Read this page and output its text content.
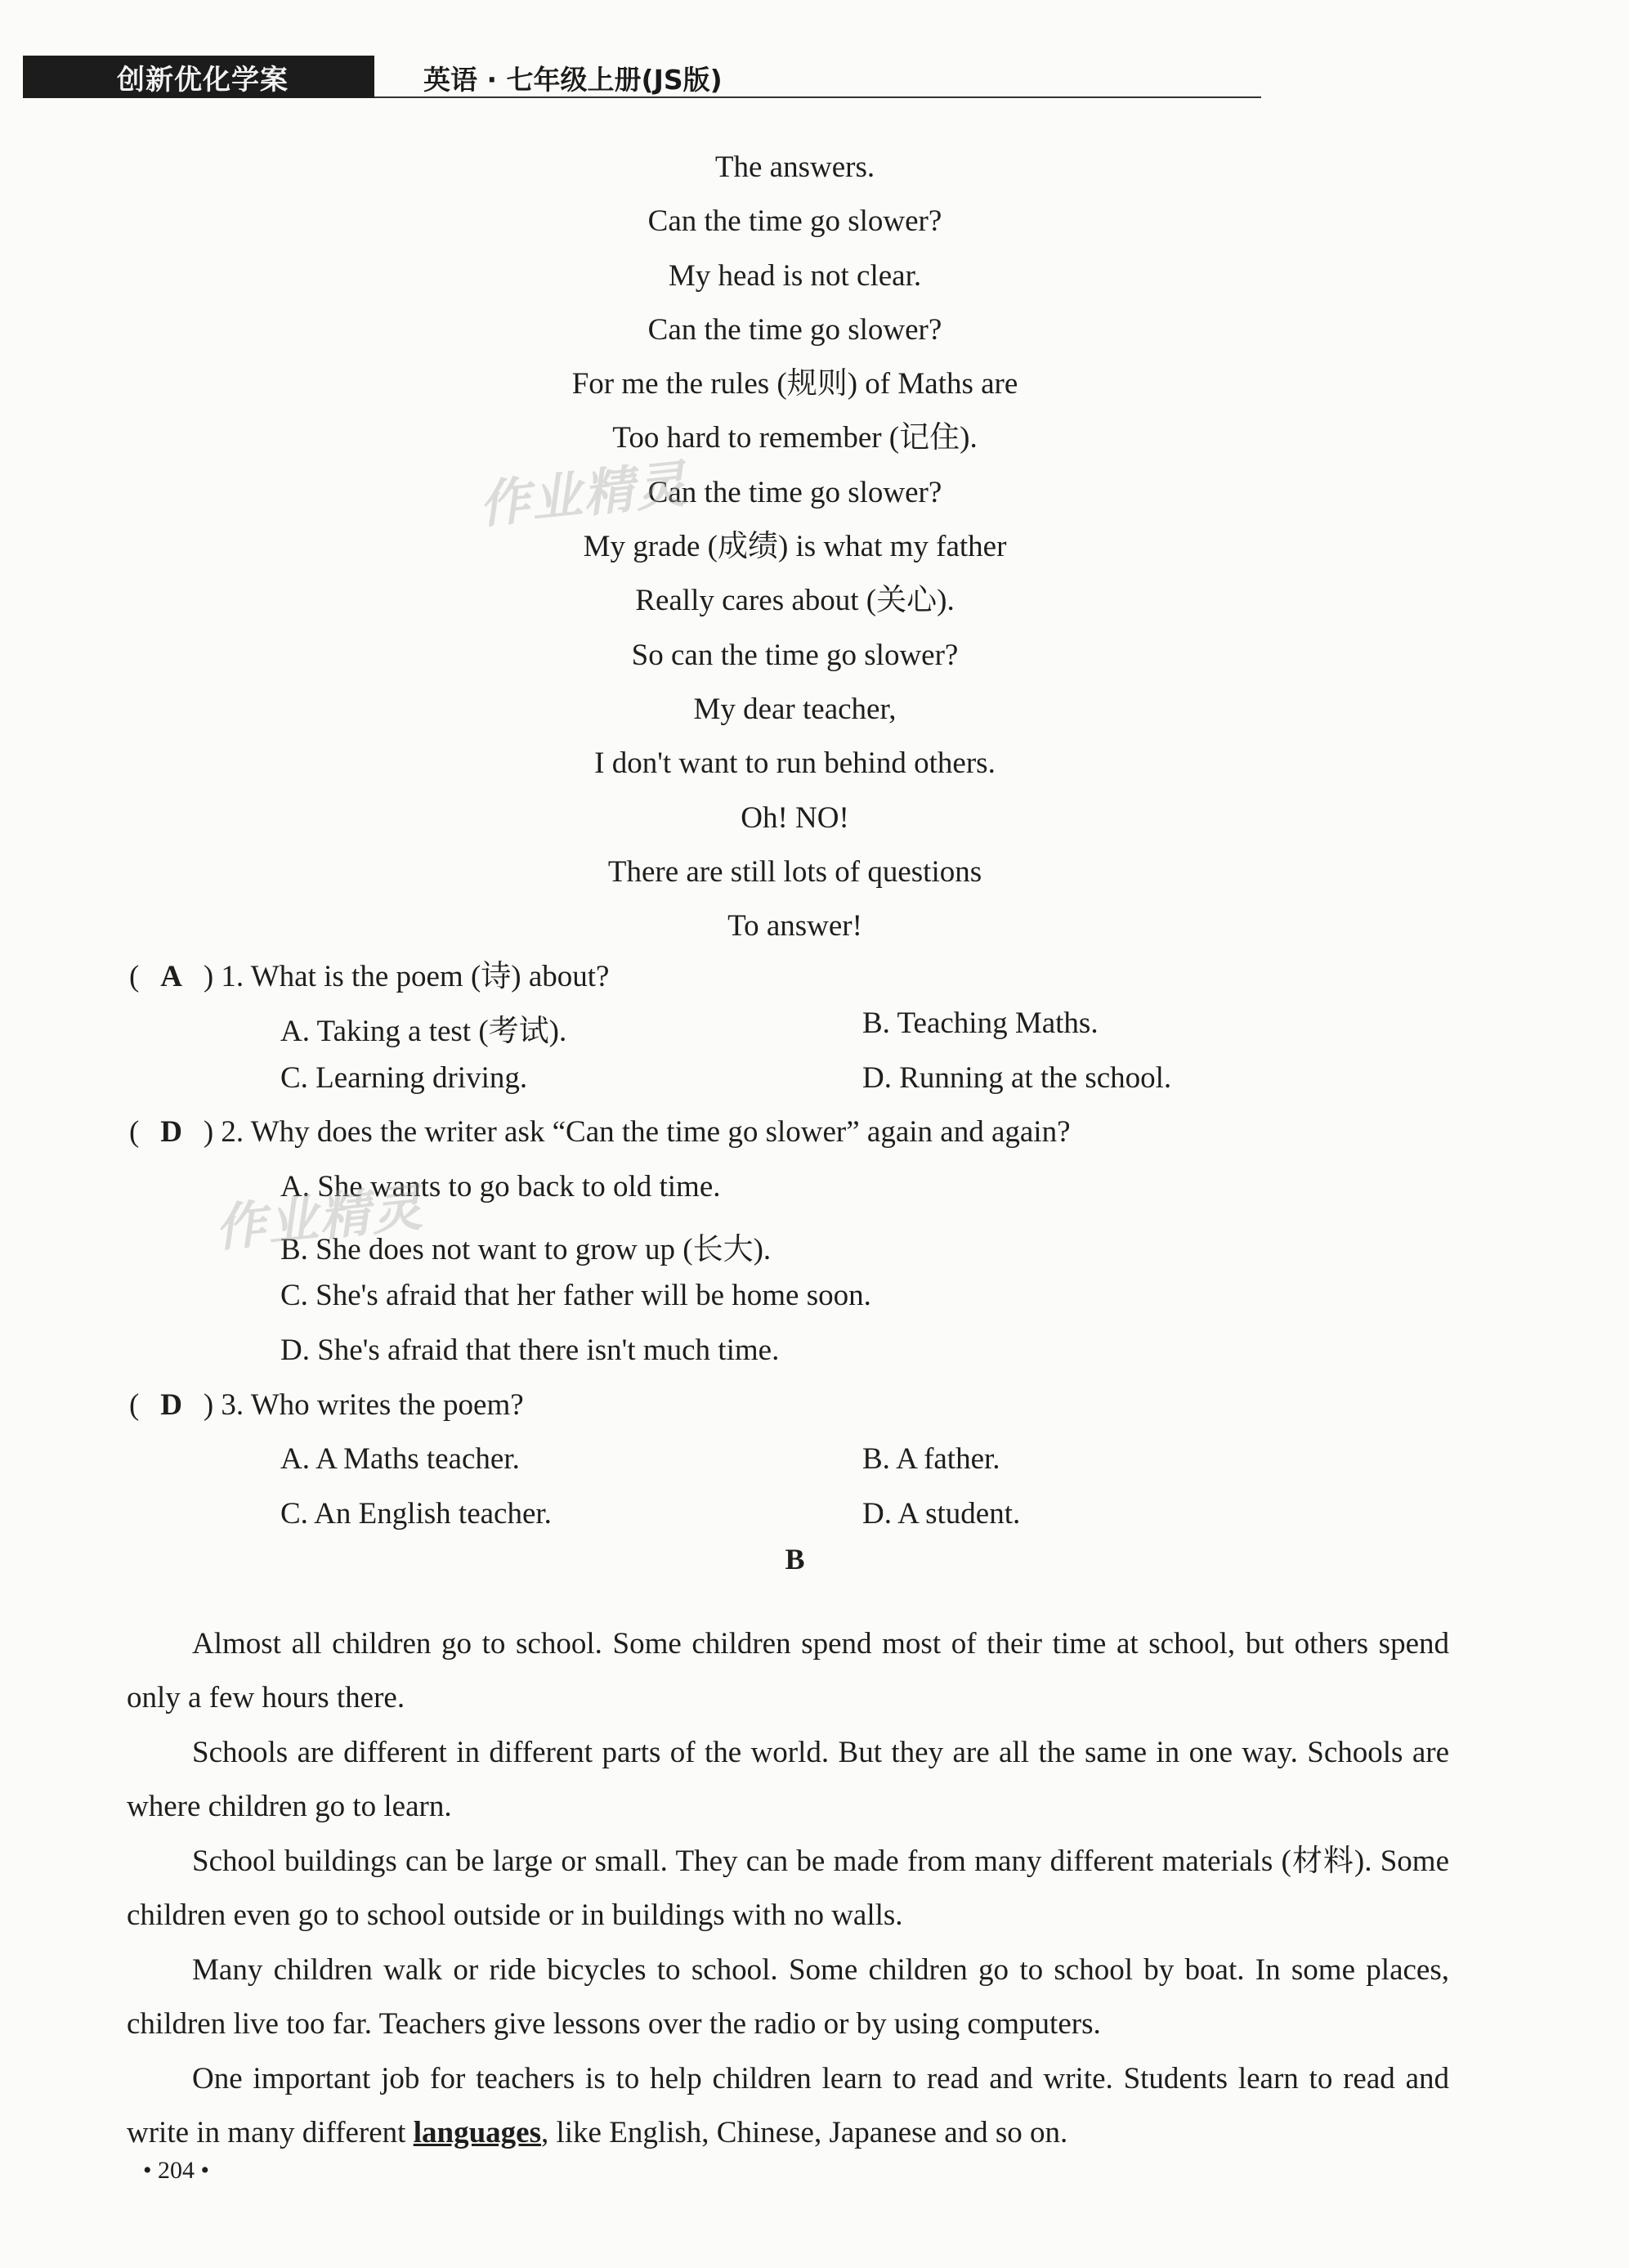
创新优化学案	英语 · 七年级上册(JS版)
The answers.
Can the time go slower?
My head is not clear.
Can the time go slower?
For me the rules (规则) of Maths are
Too hard to remember (记住).
Can the time go slower?
My grade (成绩) is what my father
Really cares about (关心).
So can the time go slower?
My dear teacher,
I don't want to run behind others.
Oh! NO!
There are still lots of questions
To answer!
( A ) 1. What is the poem (诗) about?
A. Taking a test (考试).	B. Teaching Maths.
C. Learning driving.	D. Running at the school.
( D ) 2. Why does the writer ask “Can the time go slower” again and again?
A. She wants to go back to old time.
B. She does not want to grow up (长大).
C. She's afraid that her father will be home soon.
D. She's afraid that there isn't much time.
( D ) 3. Who writes the poem?
A. A Maths teacher.	B. A father.
C. An English teacher.	D. A student.
B
Almost all children go to school. Some children spend most of their time at school, but others spend only a few hours there.
Schools are different in different parts of the world. But they are all the same in one way. Schools are where children go to learn.
School buildings can be large or small. They can be made from many different materials (材料). Some children even go to school outside or in buildings with no walls.
Many children walk or ride bicycles to school. Some children go to school by boat. In some places, children live too far. Teachers give lessons over the radio or by using computers.
One important job for teachers is to help children learn to read and write. Students learn to read and write in many different languages, like English, Chinese, Japanese and so on.
• 204 •
作业精灵
作业精灵
